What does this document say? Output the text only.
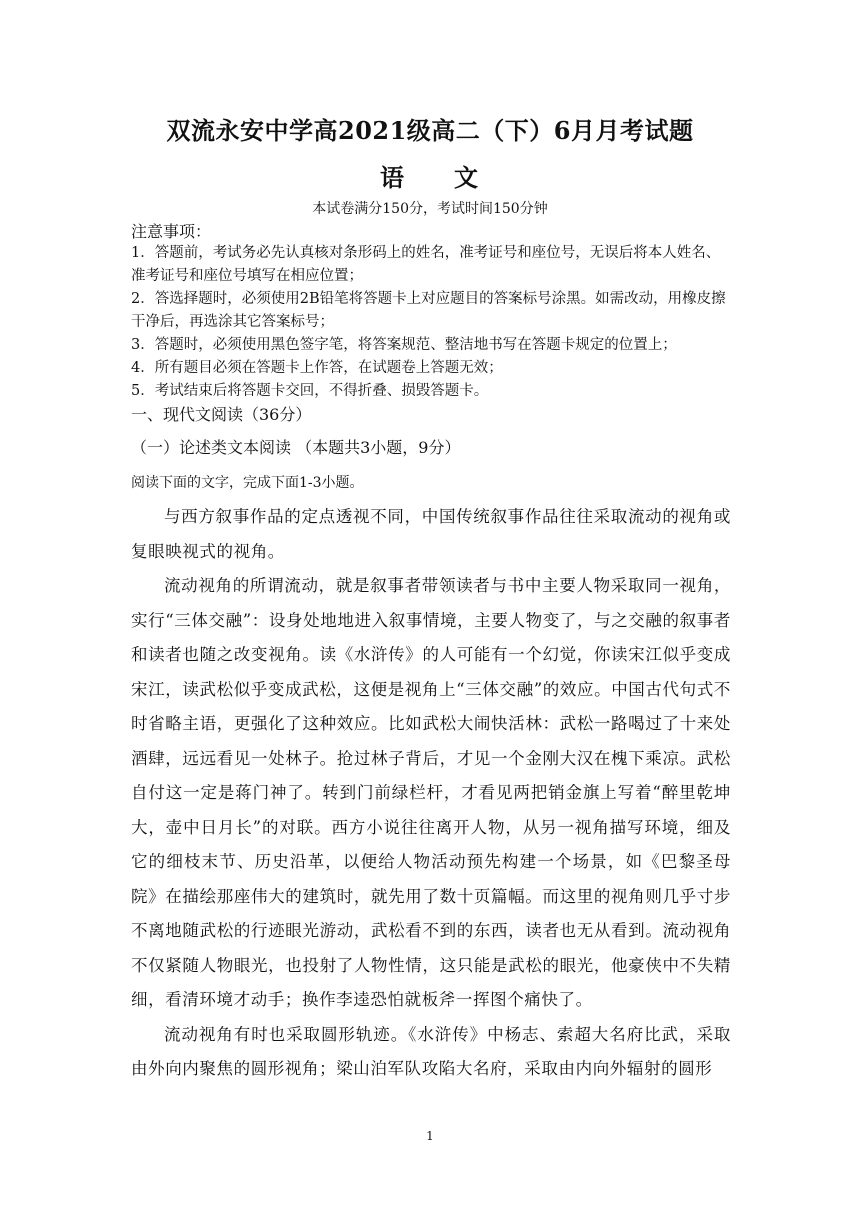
双流永安中学高2021级高二（下）6月月考试题
语 文
本试卷满分150分，考试时间150分钟
注意事项：

1．答题前，考试务必先认真核对条形码上的姓名，准考证号和座位号，无误后将本人姓名、准考证号和座位号填写在相应位置；

2．答选择题时，必须使用2B铅笔将答题卡上对应题目的答案标号涂黑。如需改动，用橡皮擦干净后，再选涂其它答案标号；

3．答题时，必须使用黑色签字笔，将答案规范、整洁地书写在答题卡规定的位置上；

4．所有题目必须在答题卡上作答，在试题卷上答题无效；

5．考试结束后将答题卡交回，不得折叠、损毁答题卡。

一、现代文阅读（36分）
（一）论述类文本阅读 （本题共3小题，9分）
阅读下面的文字，完成下面1-3小题。

与西方叙事作品的定点透视不同，中国传统叙事作品往往采取流动的视角或复眼映视式的视角。

流动视角的所谓流动，就是叙事者带领读者与书中主要人物采取同一视角，实行“三体交融”：设身处地地进入叙事情境，主要人物变了，与之交融的叙事者和读者也随之改变视角。读《水浒传》的人可能有一个幻觉，你读宋江似乎变成宋江，读武松似乎变成武松，这便是视角上“三体交融”的效应。中国古代句式不时省略主语，更强化了这种效应。比如武松大闹快活林：武松一路喝过了十来处酒肆，远远看见一处林子。抢过林子背后，才见一个金刚大汉在槐下乘凉。武松自付这一定是蒋门神了。转到门前绿栏杆，才看见两把销金旗上写着“醉里乾坤大，壶中日月长”的对联。西方小说往往离开人物，从另一视角描写环境，细及它的细枝末节、历史沿革，以便给人物活动预先构建一个场景，如《巴黎圣母院》在描绘那座伟大的建筑时，就先用了数十页篇幅。而这里的视角则几乎寸步不离地随武松的行迹眼光游动，武松看不到的东西，读者也无从看到。流动视角不仅紧随人物眼光，也投射了人物性情，这只能是武松的眼光，他豪侠中不失精细，看清环境才动手；换作李逵恐怕就板斧一挥图个痛快了。

流动视角有时也采取圆形轨迹。《水浒传》中杨志、索超大名府比武，采取由外向内聚焦的圆形视角；梁山泊军队攻陷大名府，采取由内向外辐射的圆形

1
